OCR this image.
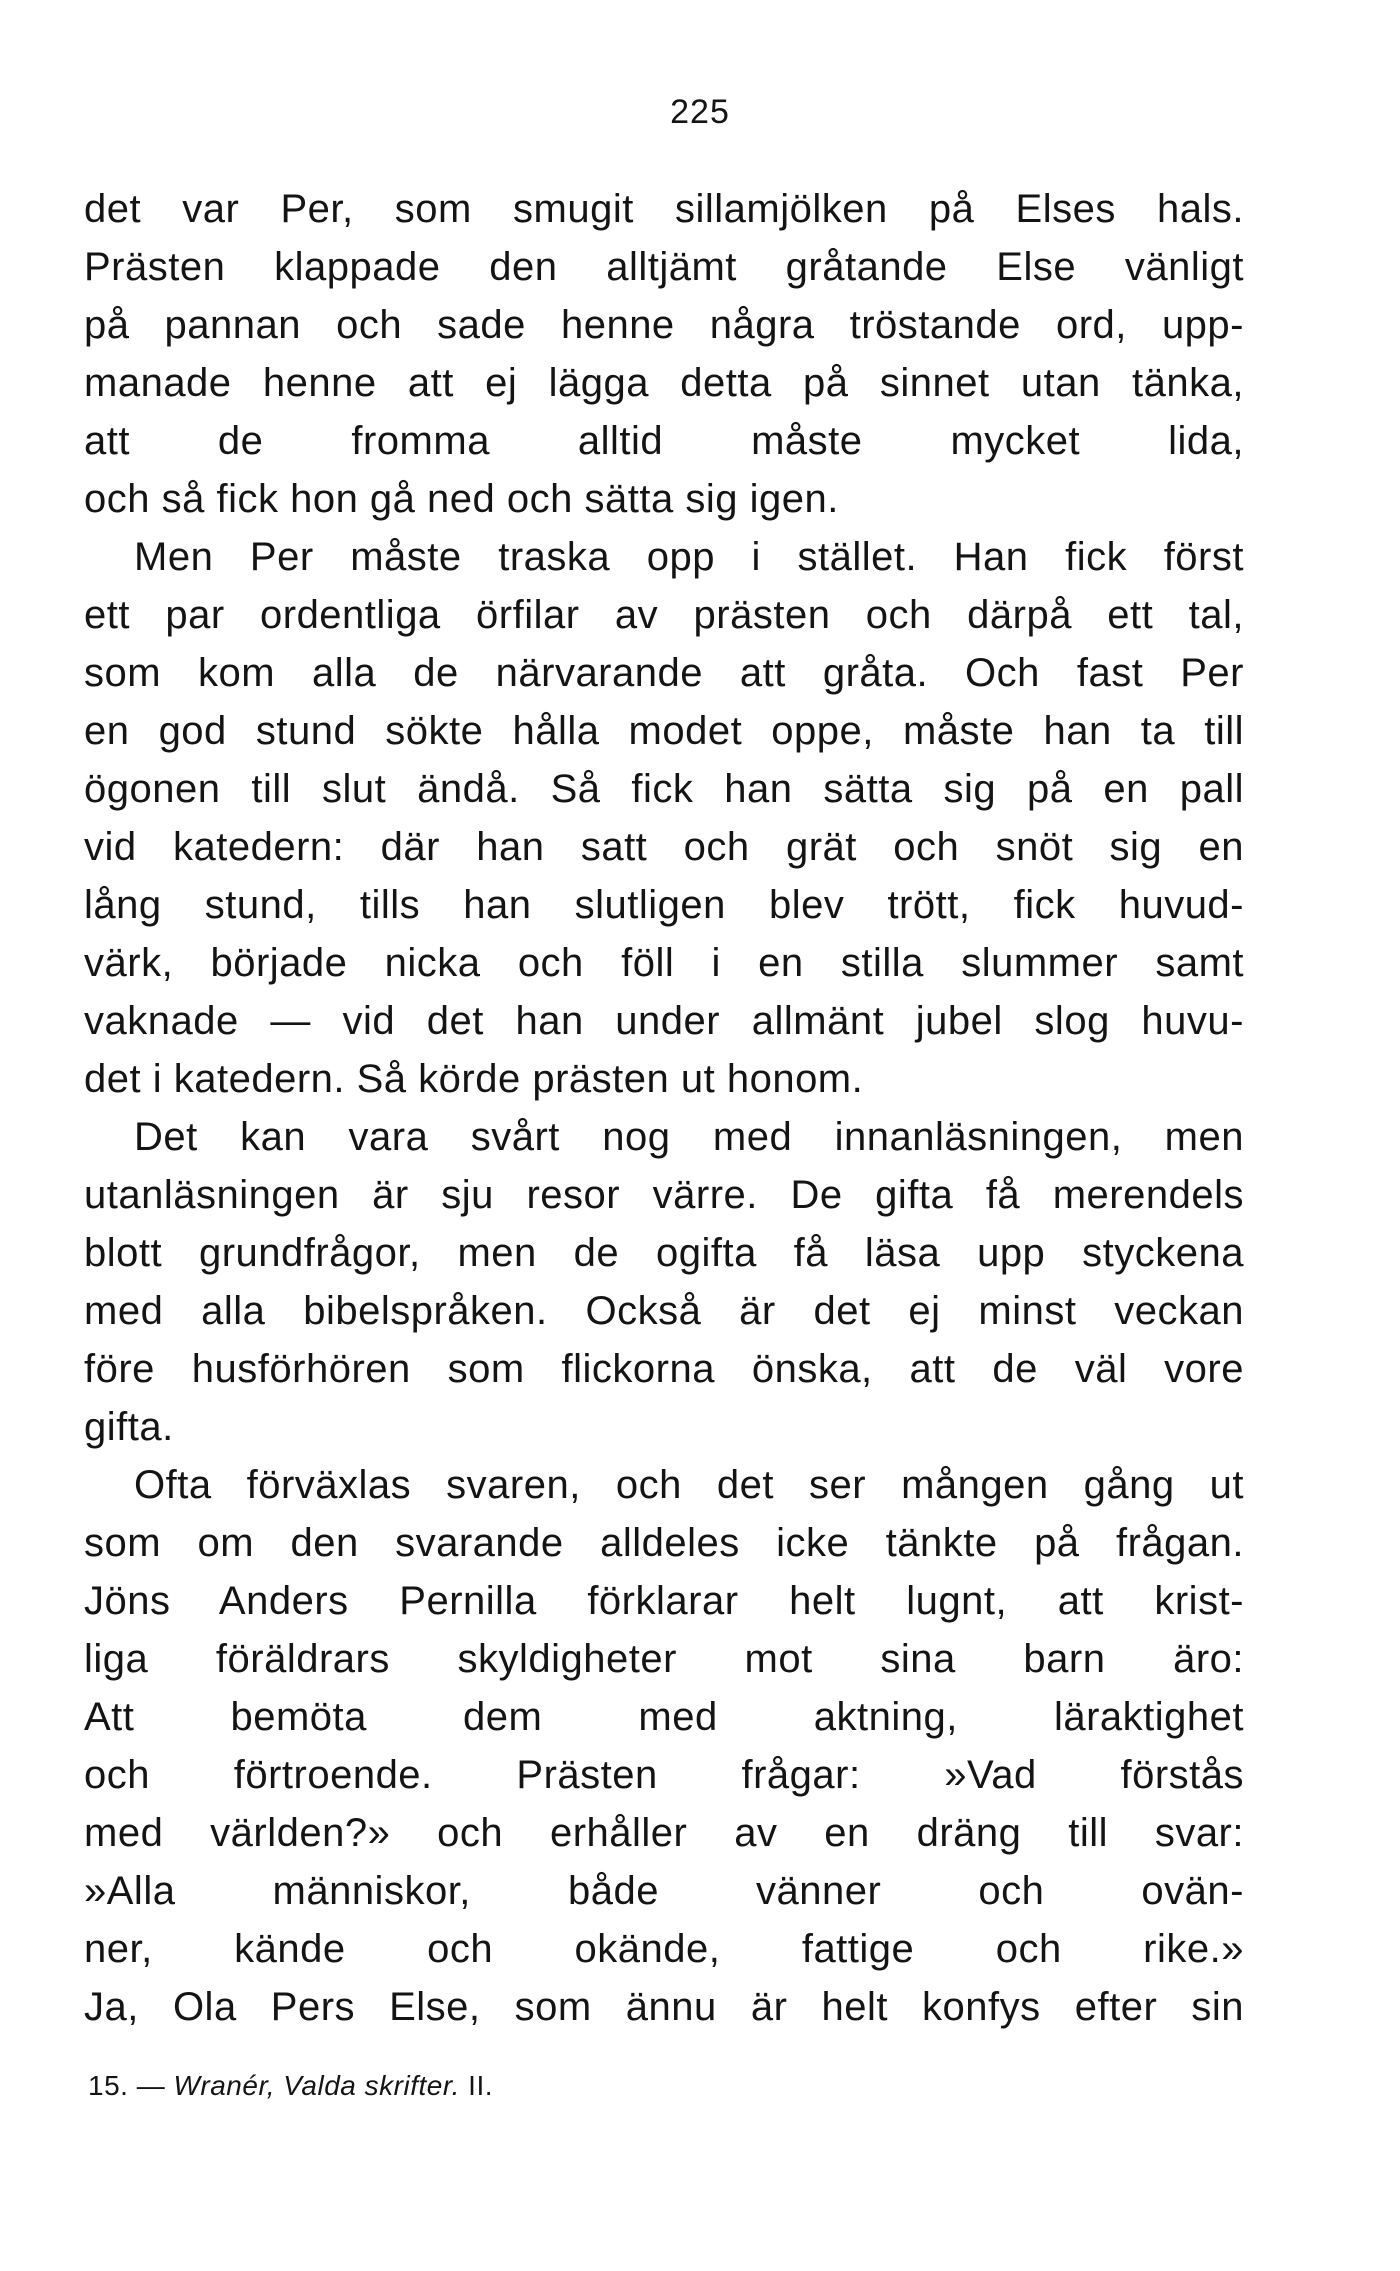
225
det var Per, som smugit sillamjölken på Elses hals.
Prästen klappade den alltjämt gråtande Else vänligt
på pannan och sade henne några tröstande ord, upp-
manade henne att ej lägga detta på sinnet utan tänka,
att de fromma alltid måste mycket lida,
och så fick hon gå ned och sätta sig igen.
Men Per måste traska opp i stället. Han fick först
ett par ordentliga örfilar av prästen och därpå ett tal,
som kom alla de närvarande att gråta. Och fast Per
en god stund sökte hålla modet oppe, måste han ta till
ögonen till slut ändå. Så fick han sätta sig på en pall
vid katedern: där han satt och grät och snöt sig en
lång stund, tills han slutligen blev trött, fick huvud-
värk, började nicka och föll i en stilla slummer samt
vaknade — vid det han under allmänt jubel slog huvu-
det i katedern. Så körde prästen ut honom.
Det kan vara svårt nog med innanläsningen, men
utanläsningen är sju resor värre. De gifta få merendels
blott grundfrågor, men de ogifta få läsa upp styckena
med alla bibelspråken. Också är det ej minst veckan
före husförhören som flickorna önska, att de väl vore
gifta.
Ofta förväxlas svaren, och det ser mången gång ut
som om den svarande alldeles icke tänkte på frågan.
Jöns Anders Pernilla förklarar helt lugnt, att krist-
liga föräldrars skyldigheter mot sina barn äro:
Att bemöta dem med aktning, läraktighet
och förtroende. Prästen frågar: »Vad förstås
med världen?» och erhåller av en dräng till svar:
»Alla människor, både vänner och ovän-
ner, kände och okände, fattige och rike.»
Ja, Ola Pers Else, som ännu är helt konfys efter sin
15. — Wranér, Valda skrifter. II.
